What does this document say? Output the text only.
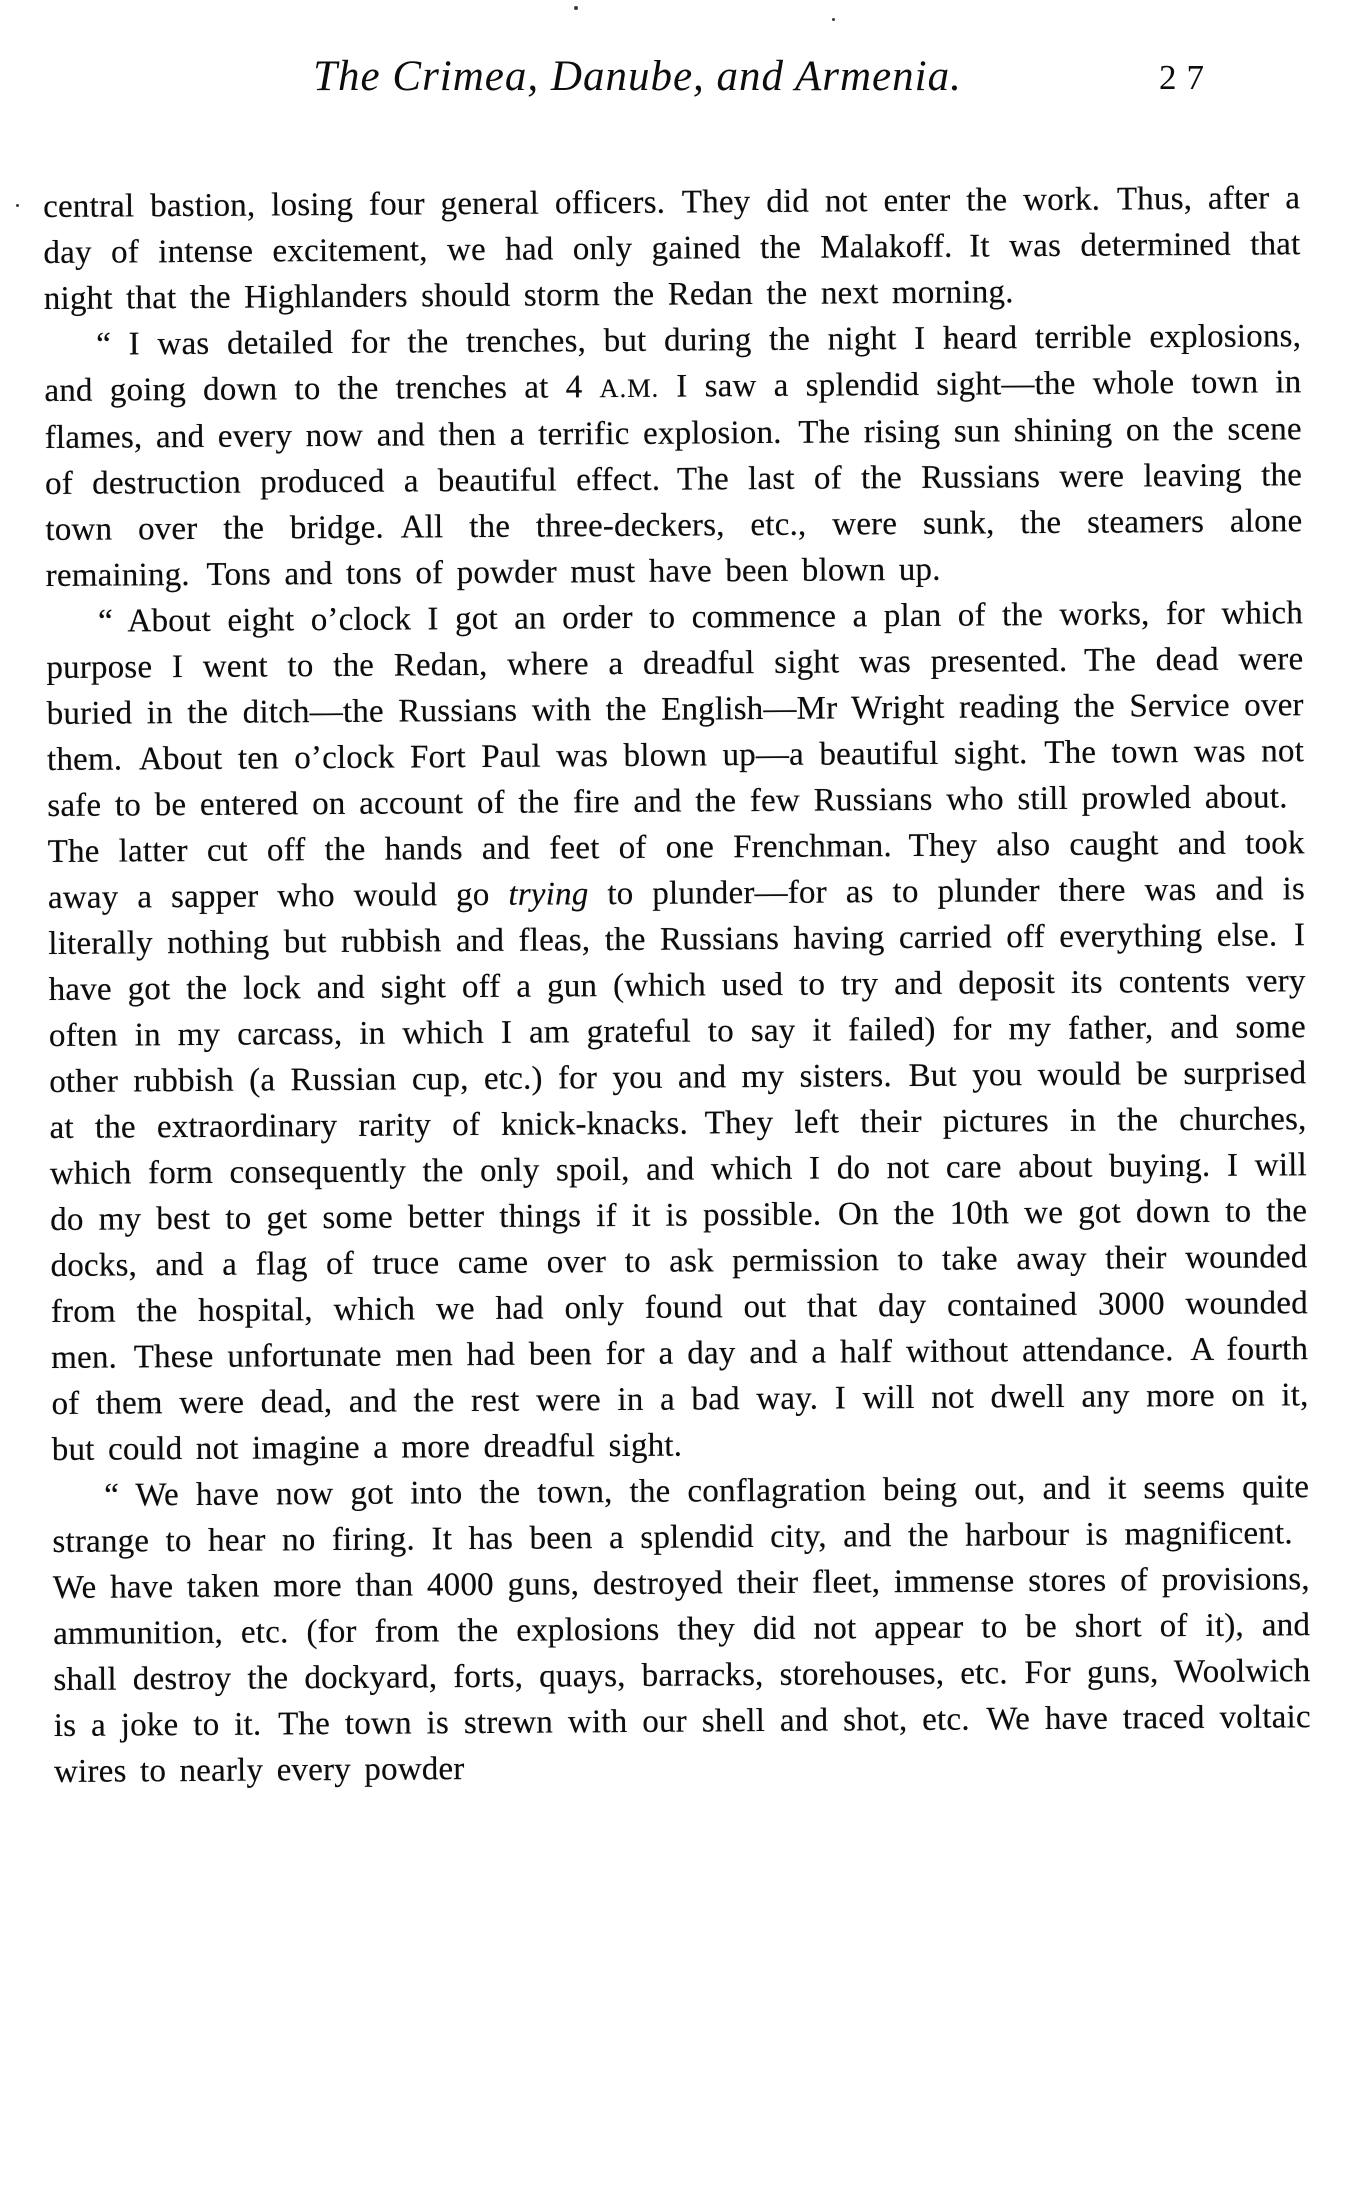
The Crimea, Danube, and Armenia.	27

central bastion, losing four general officers. They did not enter the work. Thus, after a day of intense excitement, we had only gained the Malakoff. It was determined that night that the Highlanders should storm the Redan the next morning.

“ I was detailed for the trenches, but during the night I heard terrible explosions, and going down to the trenches at 4 A.M. I saw a splendid sight—the whole town in flames, and every now and then a terrific explosion. The rising sun shining on the scene of destruction produced a beautiful effect. The last of the Russians were leaving the town over the bridge. All the three-deckers, etc., were sunk, the steamers alone remaining. Tons and tons of powder must have been blown up.

“ About eight o’clock I got an order to commence a plan of the works, for which purpose I went to the Redan, where a dreadful sight was presented. The dead were buried in the ditch—the Russians with the English—Mr Wright reading the Service over them. About ten o’clock Fort Paul was blown up—a beautiful sight. The town was not safe to be entered on account of the fire and the few Russians who still prowled about. The latter cut off the hands and feet of one Frenchman. They also caught and took away a sapper who would go trying to plunder—for as to plunder there was and is literally nothing but rubbish and fleas, the Russians having carried off everything else. I have got the lock and sight off a gun (which used to try and deposit its contents very often in my carcass, in which I am grateful to say it failed) for my father, and some other rubbish (a Russian cup, etc.) for you and my sisters. But you would be surprised at the extraordinary rarity of knick-knacks. They left their pictures in the churches, which form consequently the only spoil, and which I do not care about buying. I will do my best to get some better things if it is possible. On the 10th we got down to the docks, and a flag of truce came over to ask permission to take away their wounded from the hospital, which we had only found out that day contained 3000 wounded men. These unfortunate men had been for a day and a half without attendance. A fourth of them were dead, and the rest were in a bad way. I will not dwell any more on it, but could not imagine a more dreadful sight.

“ We have now got into the town, the conflagration being out, and it seems quite strange to hear no firing. It has been a splendid city, and the harbour is magnificent. We have taken more than 4000 guns, destroyed their fleet, immense stores of provisions, ammunition, etc. (for from the explosions they did not appear to be short of it), and shall destroy the dockyard, forts, quays, barracks, storehouses, etc. For guns, Woolwich is a joke to it. The town is strewn with our shell and shot, etc. We have traced voltaic wires to nearly every powder
